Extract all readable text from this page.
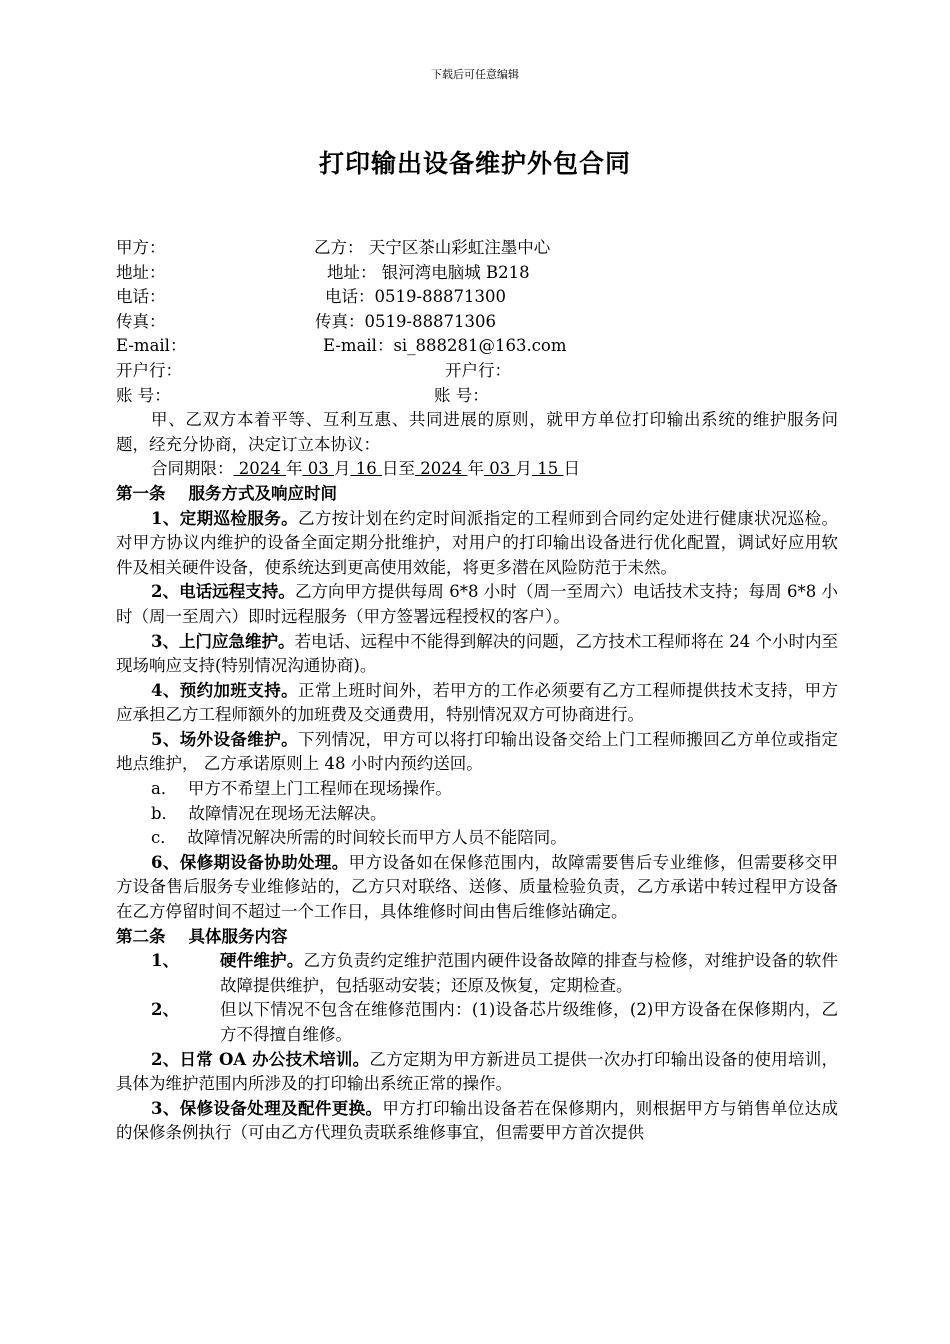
下载后可任意编辑
打印输出设备维护外包合同
甲方：	乙方： 天宁区茶山彩虹注墨中心
地址：	地址： 银河湾电脑城 B218
电话：	电话：0519-88871300
传真：	传真：0519-88871306
E-mail：	E-mail：si_888281@163.com
开户行：	开户行：
账 号：	账 号：

甲、乙双方本着平等、互利互惠、共同进展的原则，就甲方单位打印输出系统的维护服务问题，经充分协商，决定订立本协议：

合同期限： 2024 年 03 月 16 日至 2024 年 03 月 15 日

第一条    服务方式及响应时间

1、定期巡检服务。乙方按计划在约定时间派指定的工程师到合同约定处进行健康状况巡检。对甲方协议内维护的设备全面定期分批维护，对用户的打印输出设备进行优化配置，调试好应用软件及相关硬件设备，使系统达到更高使用效能，将更多潜在风险防范于未然。

2、电话远程支持。乙方向甲方提供每周 6*8 小时（周一至周六）电话技术支持；每周 6*8 小时（周一至周六）即时远程服务（甲方签署远程授权的客户）。

3、上门应急维护。若电话、远程中不能得到解决的问题，乙方技术工程师将在 24 个小时内至现场响应支持(特别情况沟通协商)。

4、预约加班支持。正常上班时间外，若甲方的工作必须要有乙方工程师提供技术支持，甲方应承担乙方工程师额外的加班费及交通费用，特别情况双方可协商进行。

5、场外设备维护。下列情况，甲方可以将打印输出设备交给上门工程师搬回乙方单位或指定地点维护， 乙方承诺原则上 48 小时内预约送回。

a．  甲方不希望上门工程师在现场操作。

b．  故障情况在现场无法解决。

c．  故障情况解决所需的时间较长而甲方人员不能陪同。

6、保修期设备协助处理。甲方设备如在保修范围内，故障需要售后专业维修，但需要移交甲方设备售后服务专业维修站的，乙方只对联络、送修、质量检验负责，乙方承诺中转过程甲方设备在乙方停留时间不超过一个工作日，具体维修时间由售后维修站确定。

第二条    具体服务内容

1、	硬件维护。乙方负责约定维护范围内硬件设备故障的排查与检修，对维护设备的软件故障提供维护，包括驱动安装；还原及恢复，定期检查。

2、	但以下情况不包含在维修范围内：(1)设备芯片级维修，(2)甲方设备在保修期内，乙方不得擅自维修。

2、日常 OA 办公技术培训。乙方定期为甲方新进员工提供一次办打印输出设备的使用培训，具体为维护范围内所涉及的打印输出系统正常的操作。

3、保修设备处理及配件更换。甲方打印输出设备若在保修期内，则根据甲方与销售单位达成的保修条例执行（可由乙方代理负责联系维修事宜，但需要甲方首次提供
